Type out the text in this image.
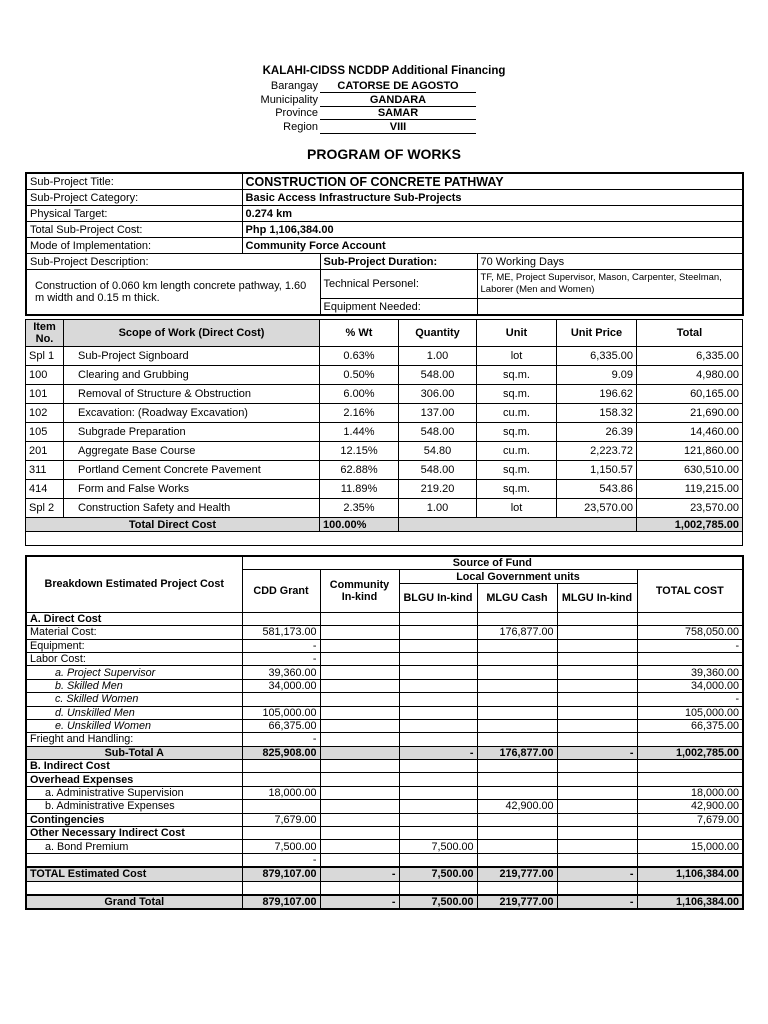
KALAHI-CIDSS NCDDP Additional Financing
Barangay	CATORSE DE AGOSTO
Municipality	GANDARA
Province	SAMAR
Region	VIII
PROGRAM OF WORKS
Sub-Project Title:	CONSTRUCTION OF CONCRETE PATHWAY		
Sub-Project Category:	Basic Access Infrastructure Sub-Projects		
Physical Target:	0.274 km		
Total Sub-Project Cost:	Php 1,106,384.00		
Mode of Implementation:	Community Force Account		
Sub-Project Description:		Sub-Project Duration:	70 Working Days
Construction of 0.060 km length concrete pathway, 1.60 m width and 0.15 m thick.		Technical Personel:	TF, ME, Project Supervisor, Mason, Carpenter, Steelman, Laborer (Men and Women)
		Equipment Needed:	
Item No.	Scope of Work (Direct Cost)	% Wt	Quantity	Unit	Unit Price	Total
Spl 1	Sub-Project Signboard	0.63%	1.00	lot	6,335.00	6,335.00
100	Clearing and Grubbing	0.50%	548.00	sq.m.	9.09	4,980.00
101	Removal of Structure & Obstruction	6.00%	306.00	sq.m.	196.62	60,165.00
102	Excavation: (Roadway Excavation)	2.16%	137.00	cu.m.	158.32	21,690.00
105	Subgrade Preparation	1.44%	548.00	sq.m.	26.39	14,460.00
201	Aggregate Base Course	12.15%	54.80	cu.m.	2,223.72	121,860.00
311	Portland Cement Concrete Pavement	62.88%	548.00	sq.m.	1,150.57	630,510.00
414	Form and False Works	11.89%	219.20	sq.m.	543.86	119,215.00
Spl 2	Construction Safety and Health	2.35%	1.00	lot	23,570.00	23,570.00
Total Direct Cost		100.00%				1,002,785.00

Breakdown Estimated Project Cost	Source of Fund					
	CDD Grant	Community In-kind	Local Government units			TOTAL COST
			BLGU In-kind	MLGU Cash	MLGU In-kind	
A. Direct Cost						
Material Cost:	581,173.00			176,877.00		758,050.00
Equipment:	-					-
Labor Cost:	-					
a. Project Supervisor	39,360.00					39,360.00
b. Skilled Men	34,000.00					34,000.00
c. Skilled Women						-
d. Unskilled Men	105,000.00					105,000.00
e. Unskilled Women	66,375.00					66,375.00
Frieght and Handling:	-					
Sub-Total A	825,908.00		-	176,877.00	-	1,002,785.00
B. Indirect Cost						
Overhead Expenses						
a. Administrative Supervision	18,000.00					18,000.00
b. Administrative Expenses				42,900.00		42,900.00
Contingencies	7,679.00					7,679.00
Other Necessary Indirect Cost						
a. Bond Premium	7,500.00		7,500.00			15,000.00
	-					
TOTAL Estimated Cost	879,107.00	-	7,500.00	219,777.00	-	1,106,384.00

Grand Total	879,107.00	-	7,500.00	219,777.00	-	1,106,384.00
